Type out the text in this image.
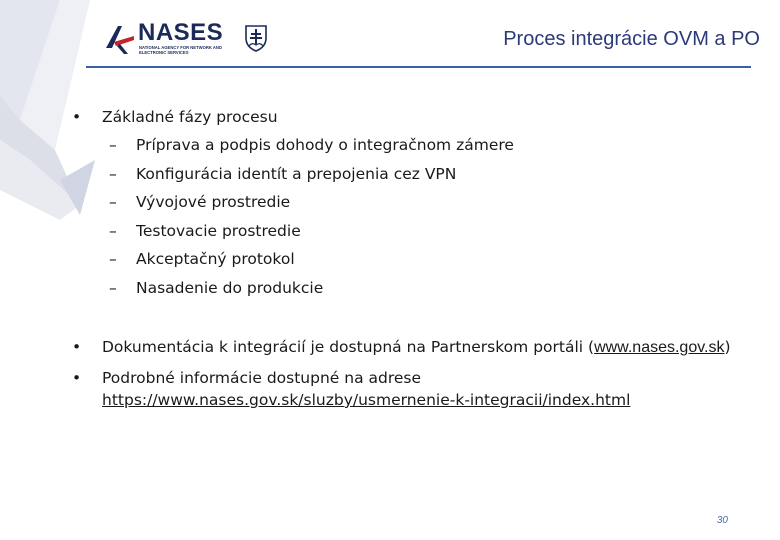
NASES
NATIONAL AGENCY FOR NETWORK AND
ELECTRONIC SERVICES
Proces integrácie OVM a PO
•	Základné fázy procesu
– Príprava a podpis dohody o integračnom zámere
– Konfigurácia identít a prepojenia cez VPN
– Vývojové prostredie
– Testovacie prostredie
– Akceptačný protokol
– Nasadenie do produkcie
• Dokumentácia k integrácií je dostupná na Partnerskom portáli (www.nases.gov.sk)
• Podrobné informácie dostupné na adrese
https://www.nases.gov.sk/sluzby/usmernenie-k-integracii/index.html
30
